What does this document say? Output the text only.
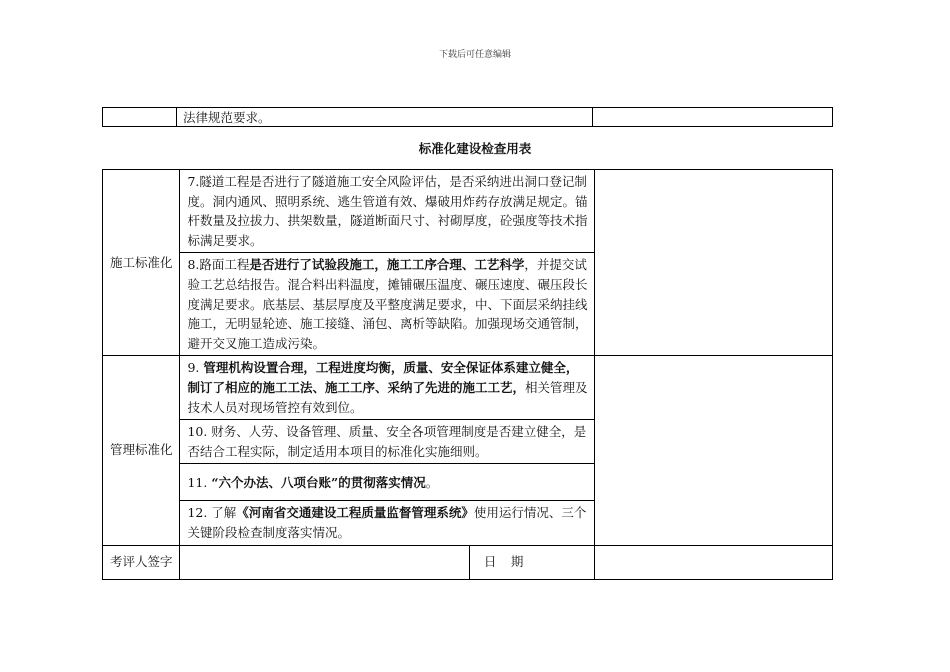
下载后可任意编辑
	法律规范要求。	
标准化建设检查用表
施工标准化	7.隧道工程是否进行了隧道施工安全风险评估，是否采纳进出洞口登记制度。洞内通风、照明系统、逃生管道有效、爆破用炸药存放满足规定。锚杆数量及拉拔力、拱架数量，隧道断面尺寸、衬砌厚度，砼强度等技术指标满足要求。		
	8.路面工程是否进行了试验段施工，施工工序合理、工艺科学，并提交试验工艺总结报告。混合料出料温度，摊铺碾压温度、碾压速度、碾压段长度满足要求。底基层、基层厚度及平整度满足要求，中、下面层采纳挂线施工，无明显轮迹、施工接缝、涌包、离析等缺陷。加强现场交通管制，避开交叉施工造成污染。		
管理标准化	9. 管理机构设置合理，工程进度均衡，质量、安全保证体系建立健全，制订了相应的施工工法、施工工序、采纳了先进的施工工艺，相关管理及技术人员对现场管控有效到位。		
	10. 财务、人劳、设备管理、质量、安全各项管理制度是否建立健全，是否结合工程实际，制定适用本项目的标准化实施细则。		
	11. “六个办法、八项台账”的贯彻落实情况。		
	12. 了解《河南省交通建设工程质量监督管理系统》使用运行情况、三个关键阶段检查制度落实情况。		
考评人签字		日　期	
